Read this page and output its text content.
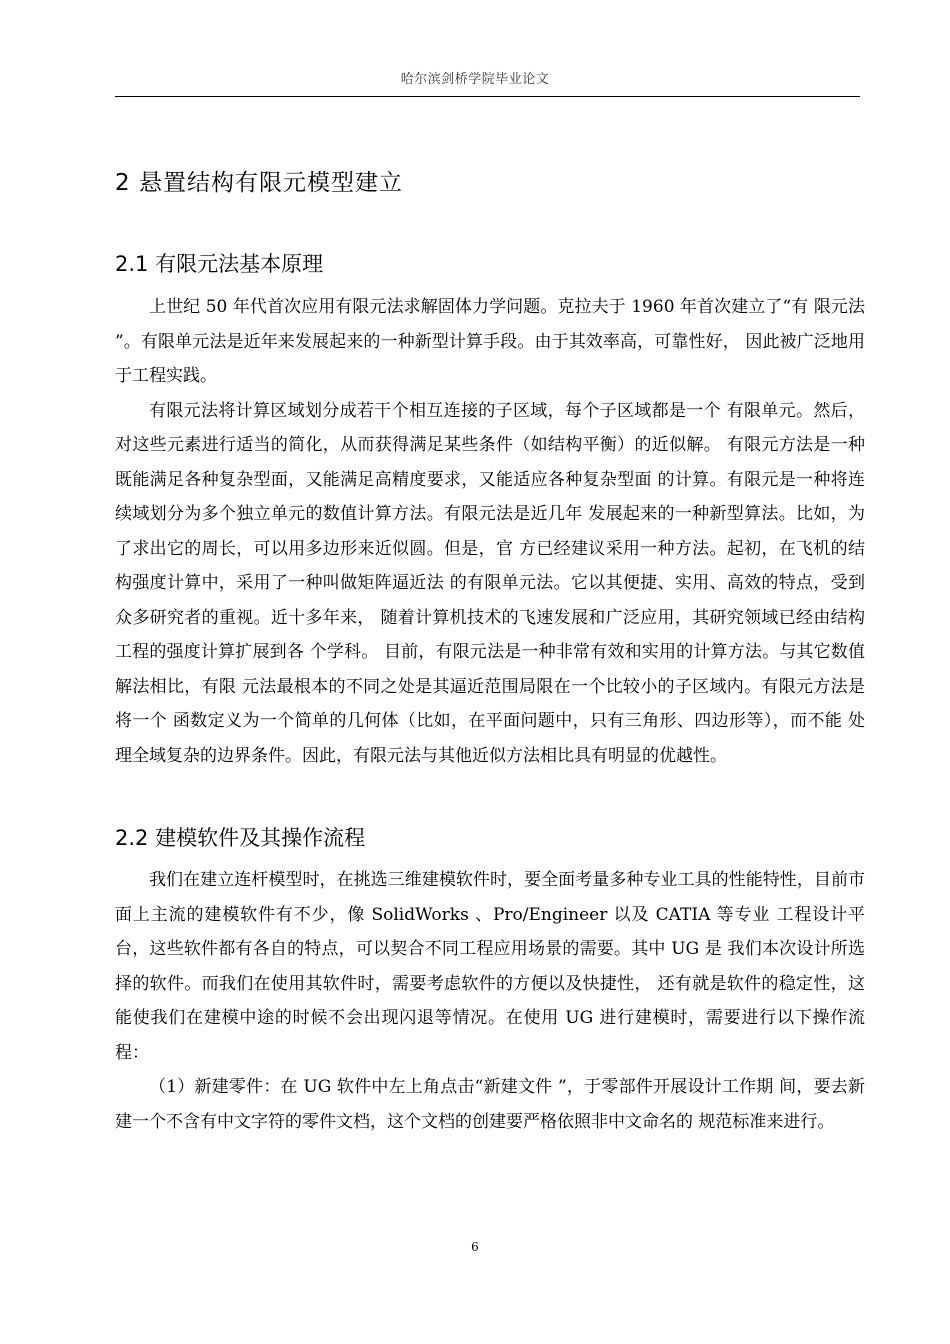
哈尔滨剑桥学院毕业论文
2 悬置结构有限元模型建立
2.1 有限元法基本原理

上世纪 50 年代首次应用有限元法求解固体力学问题。克拉夫于 1960 年首次建立了“有 限元法 ”。有限单元法是近年来发展起来的一种新型计算手段。由于其效率高，可靠性好， 因此被广泛地用于工程实践。

有限元法将计算区域划分成若干个相互连接的子区域，每个子区域都是一个 有限单元。然后，对这些元素进行适当的简化，从而获得满足某些条件（如结构平衡）的近似解。 有限元方法是一种既能满足各种复杂型面，又能满足高精度要求，又能适应各种复杂型面 的计算。有限元是一种将连续域划分为多个独立单元的数值计算方法。有限元法是近几年 发展起来的一种新型算法。比如，为了求出它的周长，可以用多边形来近似圆。但是，官 方已经建议采用一种方法。起初，在飞机的结构强度计算中，采用了一种叫做矩阵逼近法 的有限单元法。它以其便捷、实用、高效的特点，受到众多研究者的重视。近十多年来， 随着计算机技术的飞速发展和广泛应用，其研究领域已经由结构工程的强度计算扩展到各 个学科。 目前，有限元法是一种非常有效和实用的计算方法。与其它数值解法相比，有限 元法最根本的不同之处是其逼近范围局限在一个比较小的子区域内。有限元方法是将一个 函数定义为一个简单的几何体（比如，在平面问题中，只有三角形、四边形等），而不能 处理全域复杂的边界条件。因此，有限元法与其他近似方法相比具有明显的优越性。

2.2 建模软件及其操作流程

我们在建立连杆模型时，在挑选三维建模软件时，要全面考量多种专业工具的性能特性，目前市面上主流的建模软件有不少，像 SolidWorks 、Pro/Engineer 以及 CATIA 等专业 工程设计平台，这些软件都有各自的特点，可以契合不同工程应用场景的需要。其中 UG 是 我们本次设计所选择的软件。而我们在使用其软件时，需要考虑软件的方便以及快捷性， 还有就是软件的稳定性，这能使我们在建模中途的时候不会出现闪退等情况。在使用 UG 进行建模时，需要进行以下操作流程：

（1）新建零件：在 UG 软件中左上角点击“新建文件 ”，于零部件开展设计工作期 间，要去新建一个不含有中文字符的零件文档，这个文档的创建要严格依照非中文命名的 规范标准来进行。

6
